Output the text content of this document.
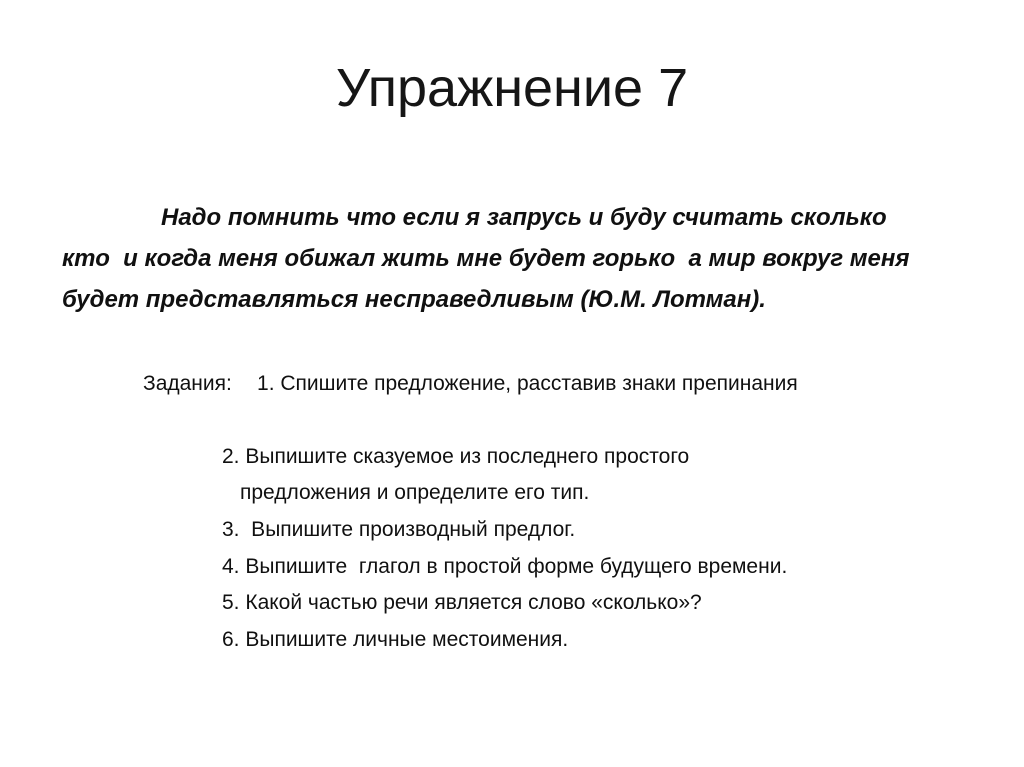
Упражнение 7
Надо помнить что если я запрусь и буду считать сколько
кто  и когда меня обижал жить мне будет горько  а мир вокруг меня
будет представляться несправедливым (Ю.М. Лотман).

Задания: 1. Спишите предложение, расставив знаки препинания

2. Выпишите сказуемое из последнего простого
предложения и определите его тип.
3.  Выпишите производный предлог.
4. Выпишите  глагол в простой форме будущего времени.
5. Какой частью речи является слово «сколько»?
6. Выпишите личные местоимения.
